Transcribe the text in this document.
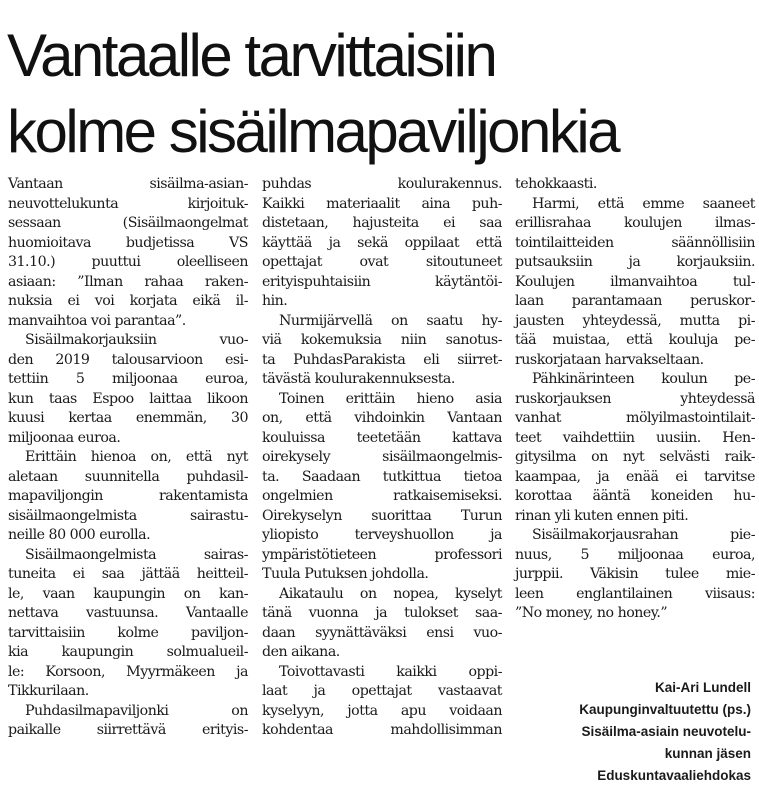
Vantaalle tarvittaisiin
kolme sisäilmapaviljonkia
Vantaan sisäilma-asian-
neuvottelukunta kirjoituk-
sessaan (Sisäilmaongelmat
huomioitava budjetissa VS
31.10.) puuttui oleelliseen
asiaan: ”Ilman rahaa raken-
nuksia ei voi korjata eikä il-
manvaihtoa voi parantaa”.
Sisäilmakorjauksiin vuo-
den 2019 talousarvioon esi-
tettiin 5 miljoonaa euroa,
kun taas Espoo laittaa likoon
kuusi kertaa enemmän, 30
miljoonaa euroa.
Erittäin hienoa on, että nyt
aletaan suunnitella puhdasil-
mapaviljongin rakentamista
sisäilmaongelmista sairastu-
neille 80 000 eurolla.
Sisäilmaongelmista sairas-
tuneita ei saa jättää heitteil-
le, vaan kaupungin on kan-
nettava vastuunsa. Vantaalle
tarvittaisiin kolme paviljon-
kia kaupungin solmualueil-
le: Korsoon, Myyrmäkeen ja
Tikkurilaan.
Puhdasilmapaviljonki on
paikalle siirrettävä erityis-
puhdas koulurakennus.
Kaikki materiaalit aina puh-
distetaan, hajusteita ei saa
käyttää ja sekä oppilaat että
opettajat ovat sitoutuneet
erityispuhtaisiin käytäntöi-
hin.
Nurmijärvellä on saatu hy-
viä kokemuksia niin sanotus-
ta PuhdasParakista eli siirret-
tävästä koulurakennuksesta.
Toinen erittäin hieno asia
on, että vihdoinkin Vantaan
kouluissa teetetään kattava
oirekysely sisäilmaongelmis-
ta. Saadaan tutkittua tietoa
ongelmien ratkaisemiseksi.
Oirekyselyn suorittaa Turun
yliopisto terveyshuollon ja
ympäristötieteen professori
Tuula Putuksen johdolla.
Aikataulu on nopea, kyselyt
tänä vuonna ja tulokset saa-
daan syynättäväksi ensi vuo-
den aikana.
Toivottavasti kaikki oppi-
laat ja opettajat vastaavat
kyselyyn, jotta apu voidaan
kohdentaa mahdollisimman
tehokkaasti.
Harmi, että emme saaneet
erillisrahaa koulujen ilmas-
tointilaitteiden säännöllisiin
putsauksiin ja korjauksiin.
Koulujen ilmanvaihtoa tul-
laan parantamaan peruskor-
jausten yhteydessä, mutta pi-
tää muistaa, että kouluja pe-
ruskorjataan harvakseltaan.
Pähkinärinteen koulun pe-
ruskorjauksen yhteydessä
vanhat mölyilmastointilait-
teet vaihdettiin uusiin. Hen-
gitysilma on nyt selvästi raik-
kaampaa, ja enää ei tarvitse
korottaa ääntä koneiden hu-
rinan yli kuten ennen piti.
Sisäilmakorjausrahan pie-
nuus, 5 miljoonaa euroa,
jurppii. Väkisin tulee mie-
leen englantilainen viisaus:
”No money, no honey.”
Kai-Ari Lundell
Kaupunginvaltuutettu (ps.)
Sisäilma-asiain neuvotelu-
kunnan jäsen
Eduskuntavaaliehdokas
